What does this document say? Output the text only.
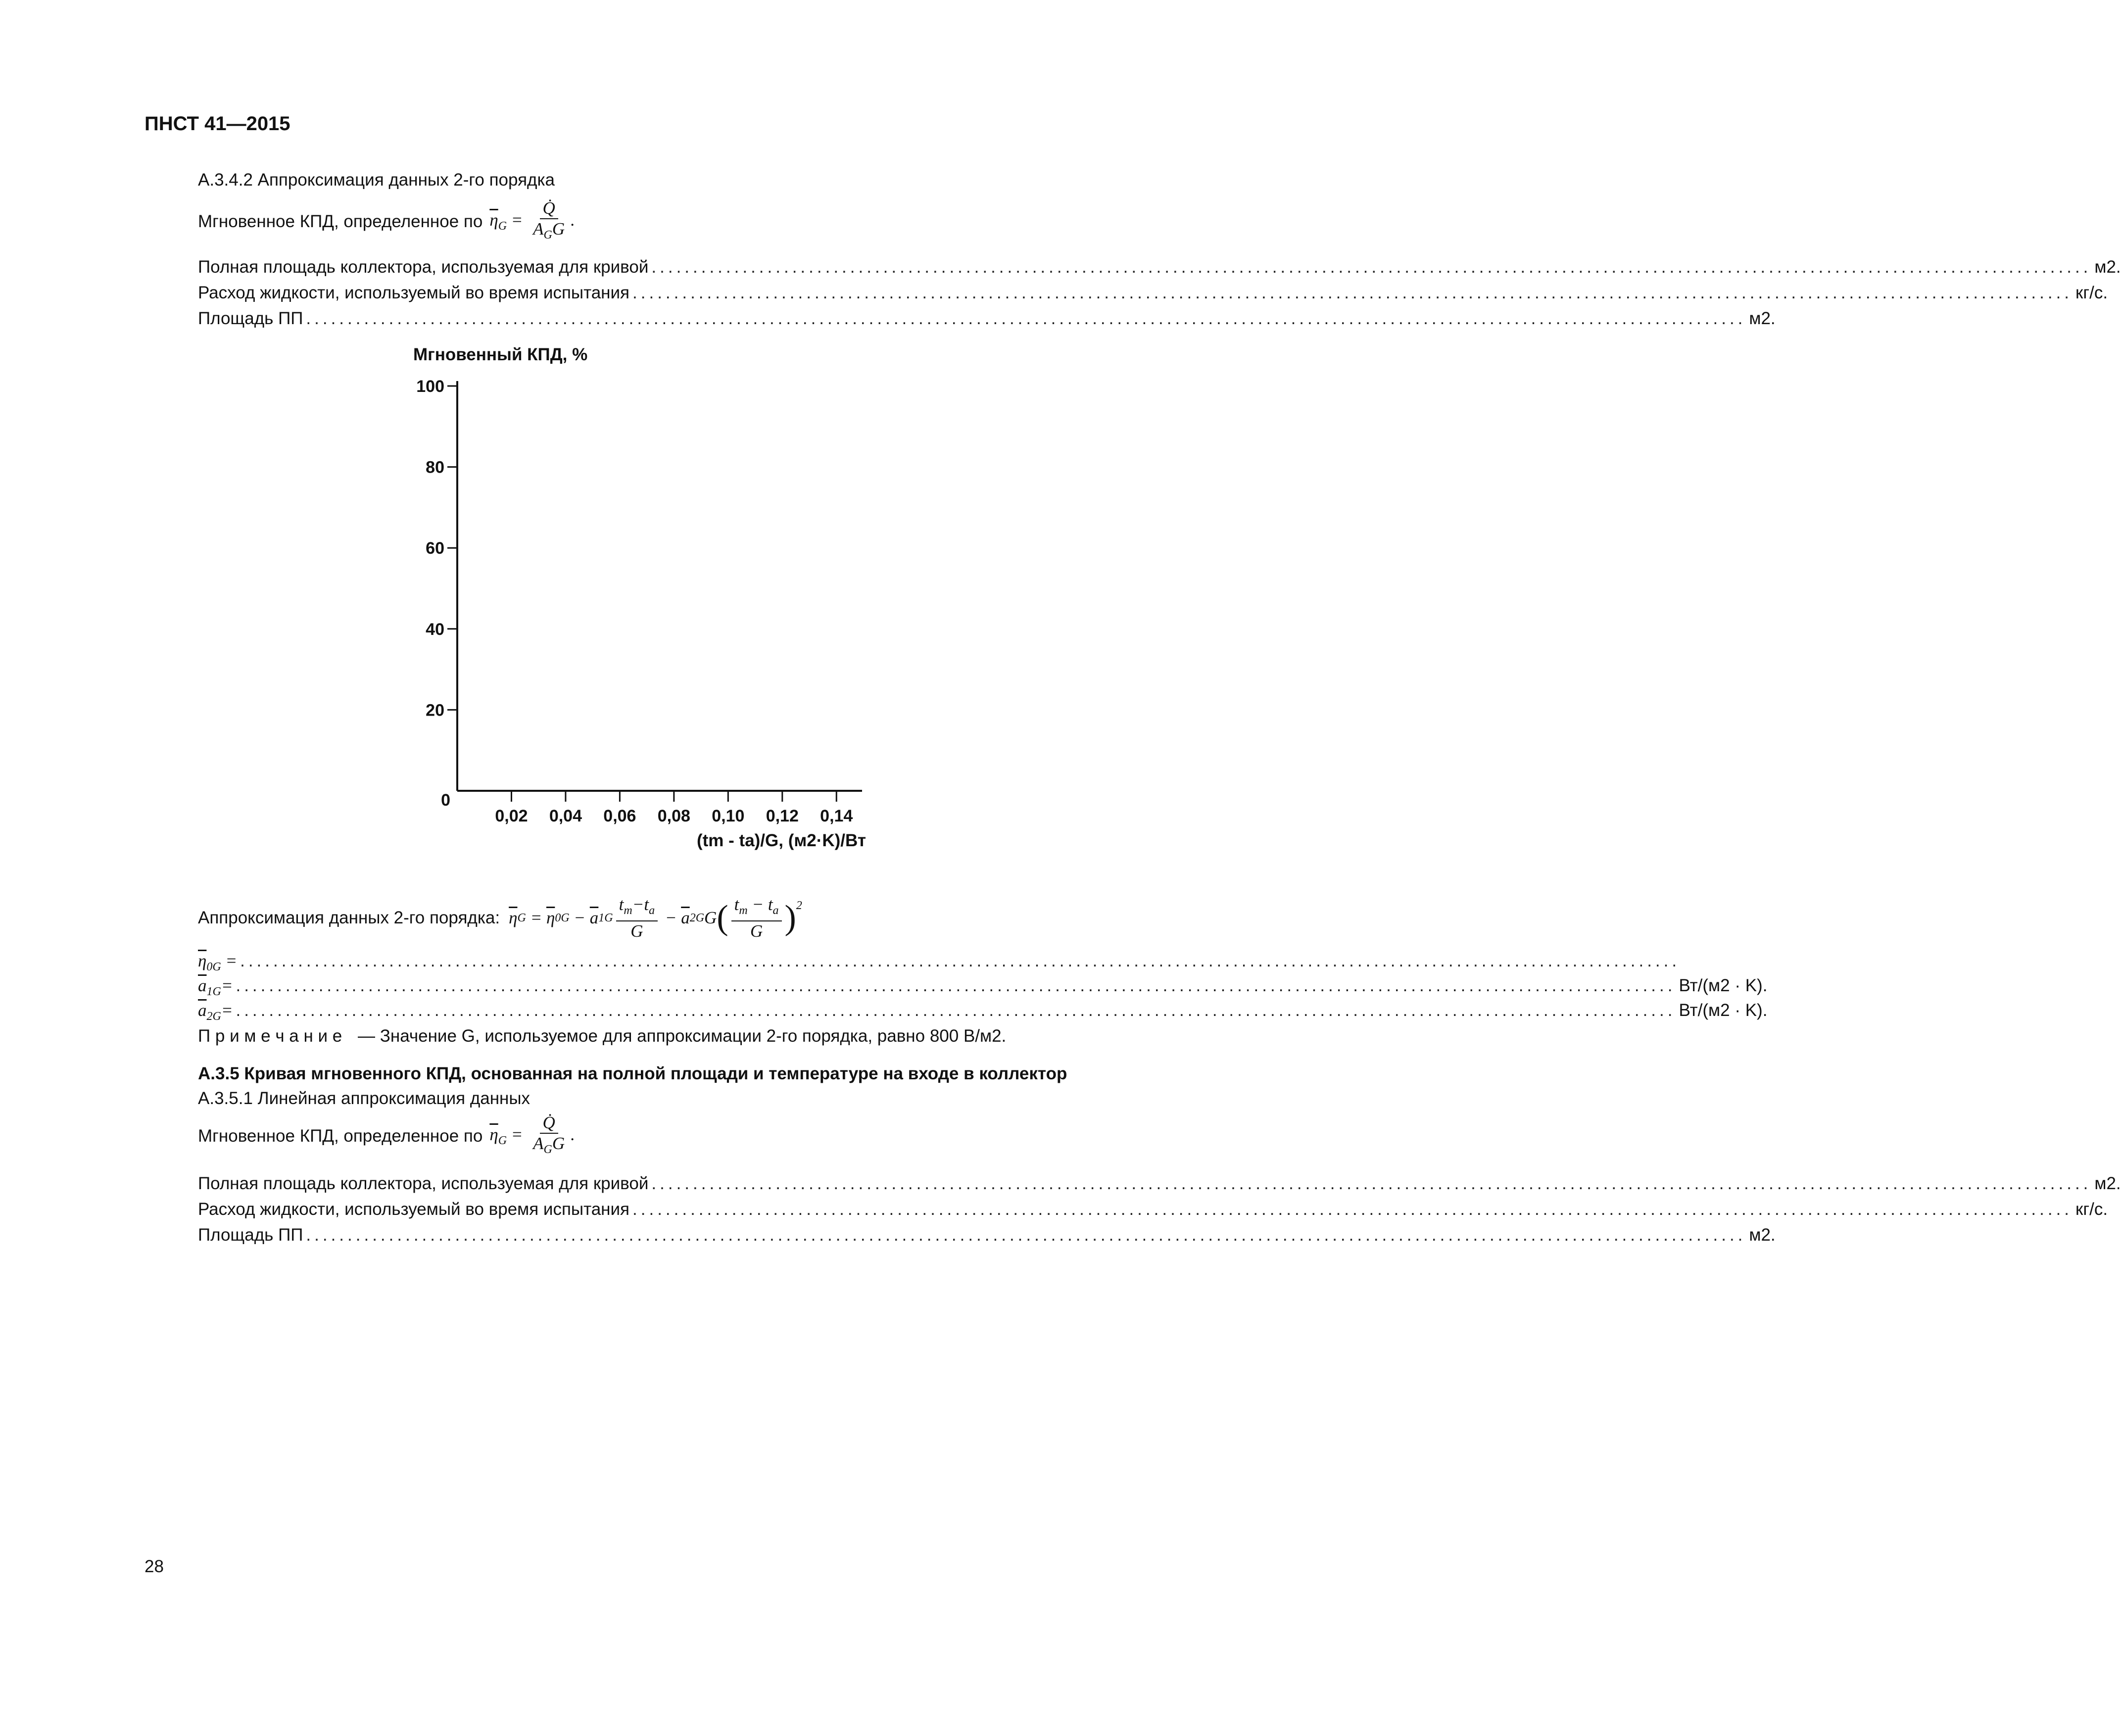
ПНСТ 41—2015
А.3.4.2 Аппроксимация данных 2-го порядка
Мгновенное КПД, определенное по $\overline{\eta}_G = \frac{Q̇}{A_GG}$ .
Полная площадь коллектора, используемая для кривой .............................................................................................................................................................................. м2.
Расход жидкости, используемый во время испытания .............................................................................................................................................................................. кг/с.
Площадь ПП .............................................................................................................................................................................. м2.
Мгновенный КПД, %
0
20
40
60
80
100
0,02 0,04 0,06 0,08 0,10 0,12 0,14
(tm - ta)/G, (м2·K)/Вт
Аппроксимация данных 2-го порядка: $\overline{\eta}$ $G = \overline{\eta}$ $0G - \overline{a}$ $1G \frac{t_m-t_a}{G} - \overline{a}$ 2G G ( $\frac{t_m - t_a}{G} )^2$
$\overline{\eta}_{0G}$ = ..............................................................................................................................................................................
$\overline{a}_{1G}=$ .............................................................................................................................................................................. Вт/(м2 · K).
$\overline{a}_{2G}=$ .............................................................................................................................................................................. Вт/(м2 · K).
П р и м е ч а н и е — Значение G, используемое для аппроксимации 2-го порядка, равно 800 В/м2.
А.3.5 Кривая мгновенного КПД, основанная на полной площади и температуре на входе в коллектор
А.3.5.1 Линейная аппроксимация данных
Мгновенное КПД, определенное по $\overline{\eta}_G = \frac{Q̇}{A_GG}$ .
Полная площадь коллектора, используемая для кривой .............................................................................................................................................................................. м2.
Расход жидкости, используемый во время испытания .............................................................................................................................................................................. кг/с.
Площадь ПП .............................................................................................................................................................................. м2.
28
